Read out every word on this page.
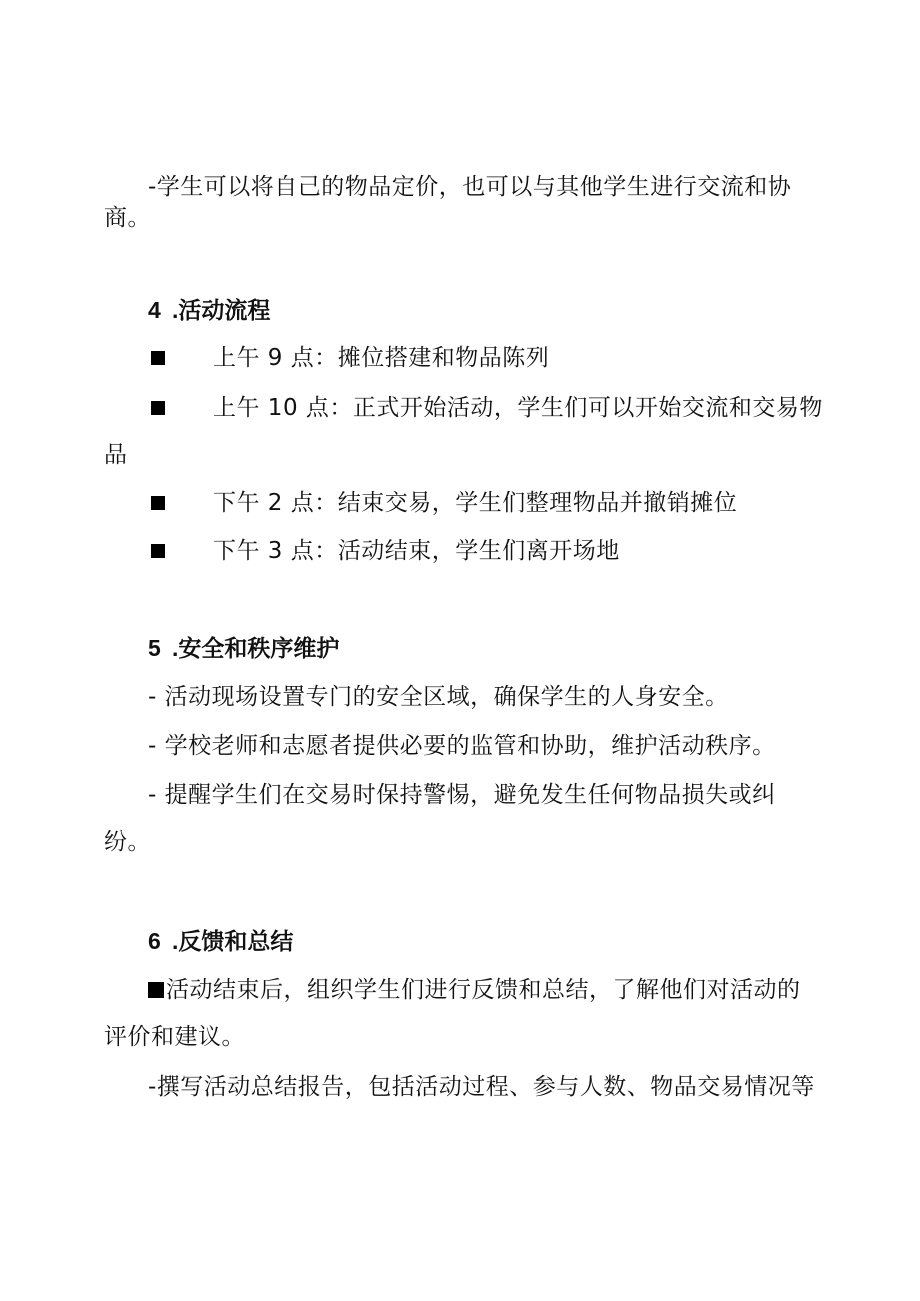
-学生可以将自己的物品定价，也可以与其他学生进行交流和协
商。
4 .活动流程
上午 9 点：摊位搭建和物品陈列
上午 10 点：正式开始活动，学生们可以开始交流和交易物
品
下午 2 点：结束交易，学生们整理物品并撤销摊位
下午 3 点：活动结束，学生们离开场地
5 .安全和秩序维护
- 活动现场设置专门的安全区域，确保学生的人身安全。
- 学校老师和志愿者提供必要的监管和协助，维护活动秩序。
- 提醒学生们在交易时保持警惕，避免发生任何物品损失或纠
纷。
6 .反馈和总结
活动结束后，组织学生们进行反馈和总结，了解他们对活动的
评价和建议。
-撰写活动总结报告，包括活动过程、参与人数、物品交易情况等
